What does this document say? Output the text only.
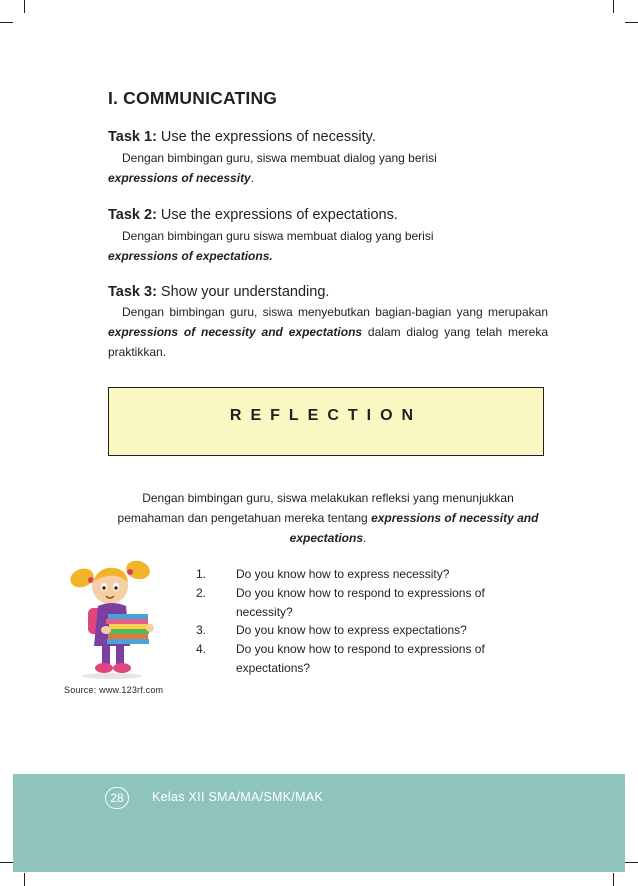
I. COMMUNICATING
Task 1: Use the expressions of necessity.
Dengan bimbingan guru, siswa membuat dialog yang berisi
expressions of necessity.
Task 2: Use the expressions of expectations.
Dengan bimbingan guru siswa membuat dialog yang berisi
expressions of expectations.
Task 3: Show your understanding.
Dengan bimbingan guru, siswa menyebutkan bagian-bagian yang merupakan expressions of necessity and expectations dalam dialog yang telah mereka praktikkan.
REFLECTION
Dengan bimbingan guru, siswa melakukan refleksi yang menunjukkan pemahaman dan pengetahuan mereka tentang expressions of necessity and expectations.
1.	Do you know how to express necessity?
2.	Do you know how to respond to expressions of necessity?
3.	Do you know how to express expectations?
4.	Do you know how to respond to expressions of expectations?
Source: www.123rf.com
28	Kelas XII SMA/MA/SMK/MAK
